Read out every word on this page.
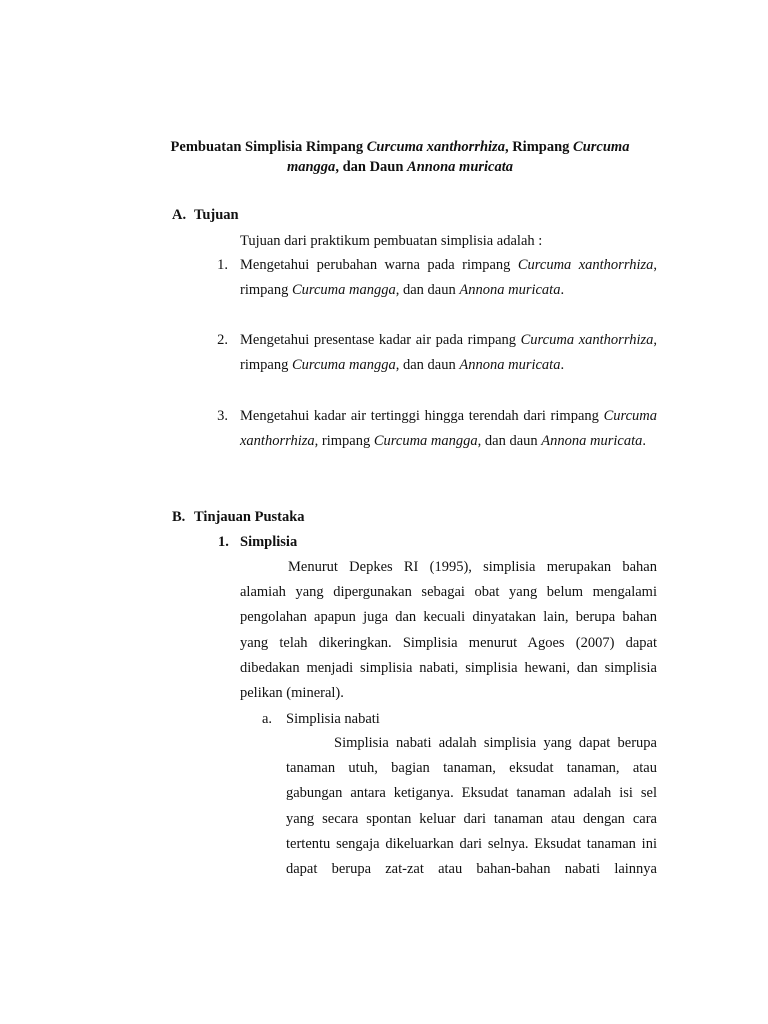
Pembuatan Simplisia Rimpang Curcuma xanthorrhiza, Rimpang Curcuma
mangga, dan Daun Annona muricata
A. Tujuan
Tujuan dari praktikum pembuatan simplisia adalah :
1. Mengetahui perubahan warna pada rimpang Curcuma xanthorrhiza, rimpang Curcuma mangga, dan daun Annona muricata.
2. Mengetahui presentase kadar air pada rimpang Curcuma xanthorrhiza, rimpang Curcuma mangga, dan daun Annona muricata.
3. Mengetahui kadar air tertinggi hingga terendah dari rimpang Curcuma xanthorrhiza, rimpang Curcuma mangga, dan daun Annona muricata.
B. Tinjauan Pustaka
1. Simplisia
Menurut Depkes RI (1995), simplisia merupakan bahan alamiah yang dipergunakan sebagai obat yang belum mengalami pengolahan apapun juga dan kecuali dinyatakan lain, berupa bahan yang telah dikeringkan. Simplisia menurut Agoes (2007) dapat dibedakan menjadi simplisia nabati, simplisia hewani, dan simplisia pelikan (mineral).
a. Simplisia nabati
Simplisia nabati adalah simplisia yang dapat berupa tanaman utuh, bagian tanaman, eksudat tanaman, atau gabungan antara ketiganya. Eksudat tanaman adalah isi sel yang secara spontan keluar dari tanaman atau dengan cara tertentu sengaja dikeluarkan dari selnya. Eksudat tanaman ini dapat berupa zat-zat atau bahan-bahan nabati lainnya
